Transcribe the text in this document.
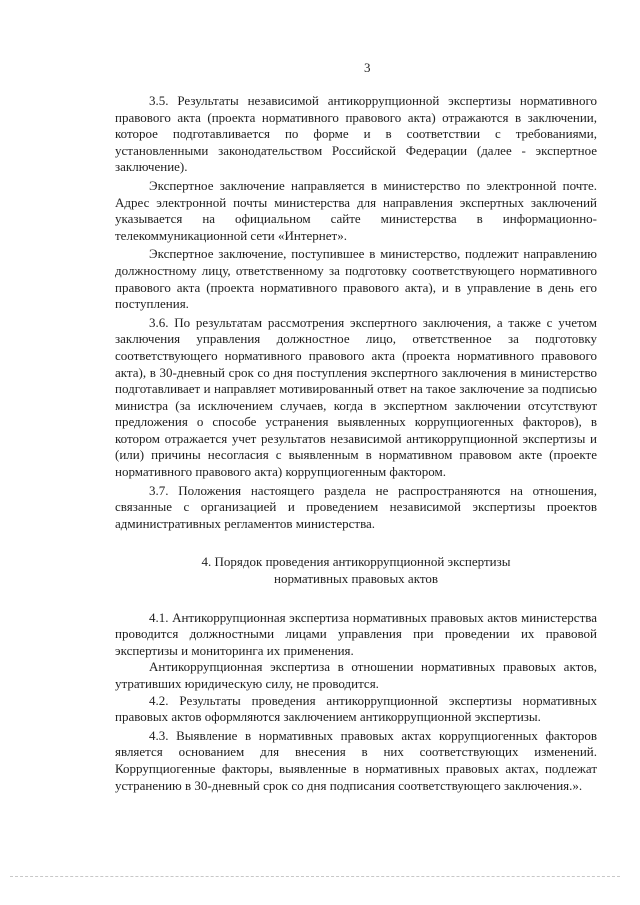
3

3.5. Результаты независимой антикоррупционной экспертизы нормативного правового акта (проекта нормативного правового акта) отражаются в заключении, которое подготавливается по форме и в соответствии с требованиями, установленными законодательством Российской Федерации (далее - экспертное заключение).

Экспертное заключение направляется в министерство по электронной почте. Адрес электронной почты министерства для направления экспертных заключений указывается на официальном сайте министерства в информационно-телекоммуникационной сети «Интернет».

Экспертное заключение, поступившее в министерство, подлежит направлению должностному лицу, ответственному за подготовку соответствующего нормативного правового акта (проекта нормативного правового акта), и в управление в день его поступления.

3.6. По результатам рассмотрения экспертного заключения, а также с учетом заключения управления должностное лицо, ответственное за подготовку соответствующего нормативного правового акта (проекта нормативного правового акта), в 30-дневный срок со дня поступления экспертного заключения в министерство подготавливает и направляет мотивированный ответ на такое заключение за подписью министра (за исключением случаев, когда в экспертном заключении отсутствуют предложения о способе устранения выявленных коррупциогенных факторов), в котором отражается учет результатов независимой антикоррупционной экспертизы и (или) причины несогласия с выявленным в нормативном правовом акте (проекте нормативного правового акта) коррупциогенным фактором.

3.7. Положения настоящего раздела не распространяются на отношения, связанные с организацией и проведением независимой экспертизы проектов административных регламентов министерства.

4. Порядок проведения антикоррупционной экспертизы
нормативных правовых актов

4.1. Антикоррупционная экспертиза нормативных правовых актов министерства проводится должностными лицами управления при проведении их правовой экспертизы и мониторинга их применения.

Антикоррупционная экспертиза в отношении нормативных правовых актов, утративших юридическую силу, не проводится.

4.2. Результаты проведения антикоррупционной экспертизы нормативных правовых актов оформляются заключением антикоррупционной экспертизы.

4.3. Выявление в нормативных правовых актах коррупциогенных факторов является основанием для внесения в них соответствующих изменений. Коррупциогенные факторы, выявленные в нормативных правовых актах, подлежат устранению в 30-дневный срок со дня подписания соответствующего заключения.».
